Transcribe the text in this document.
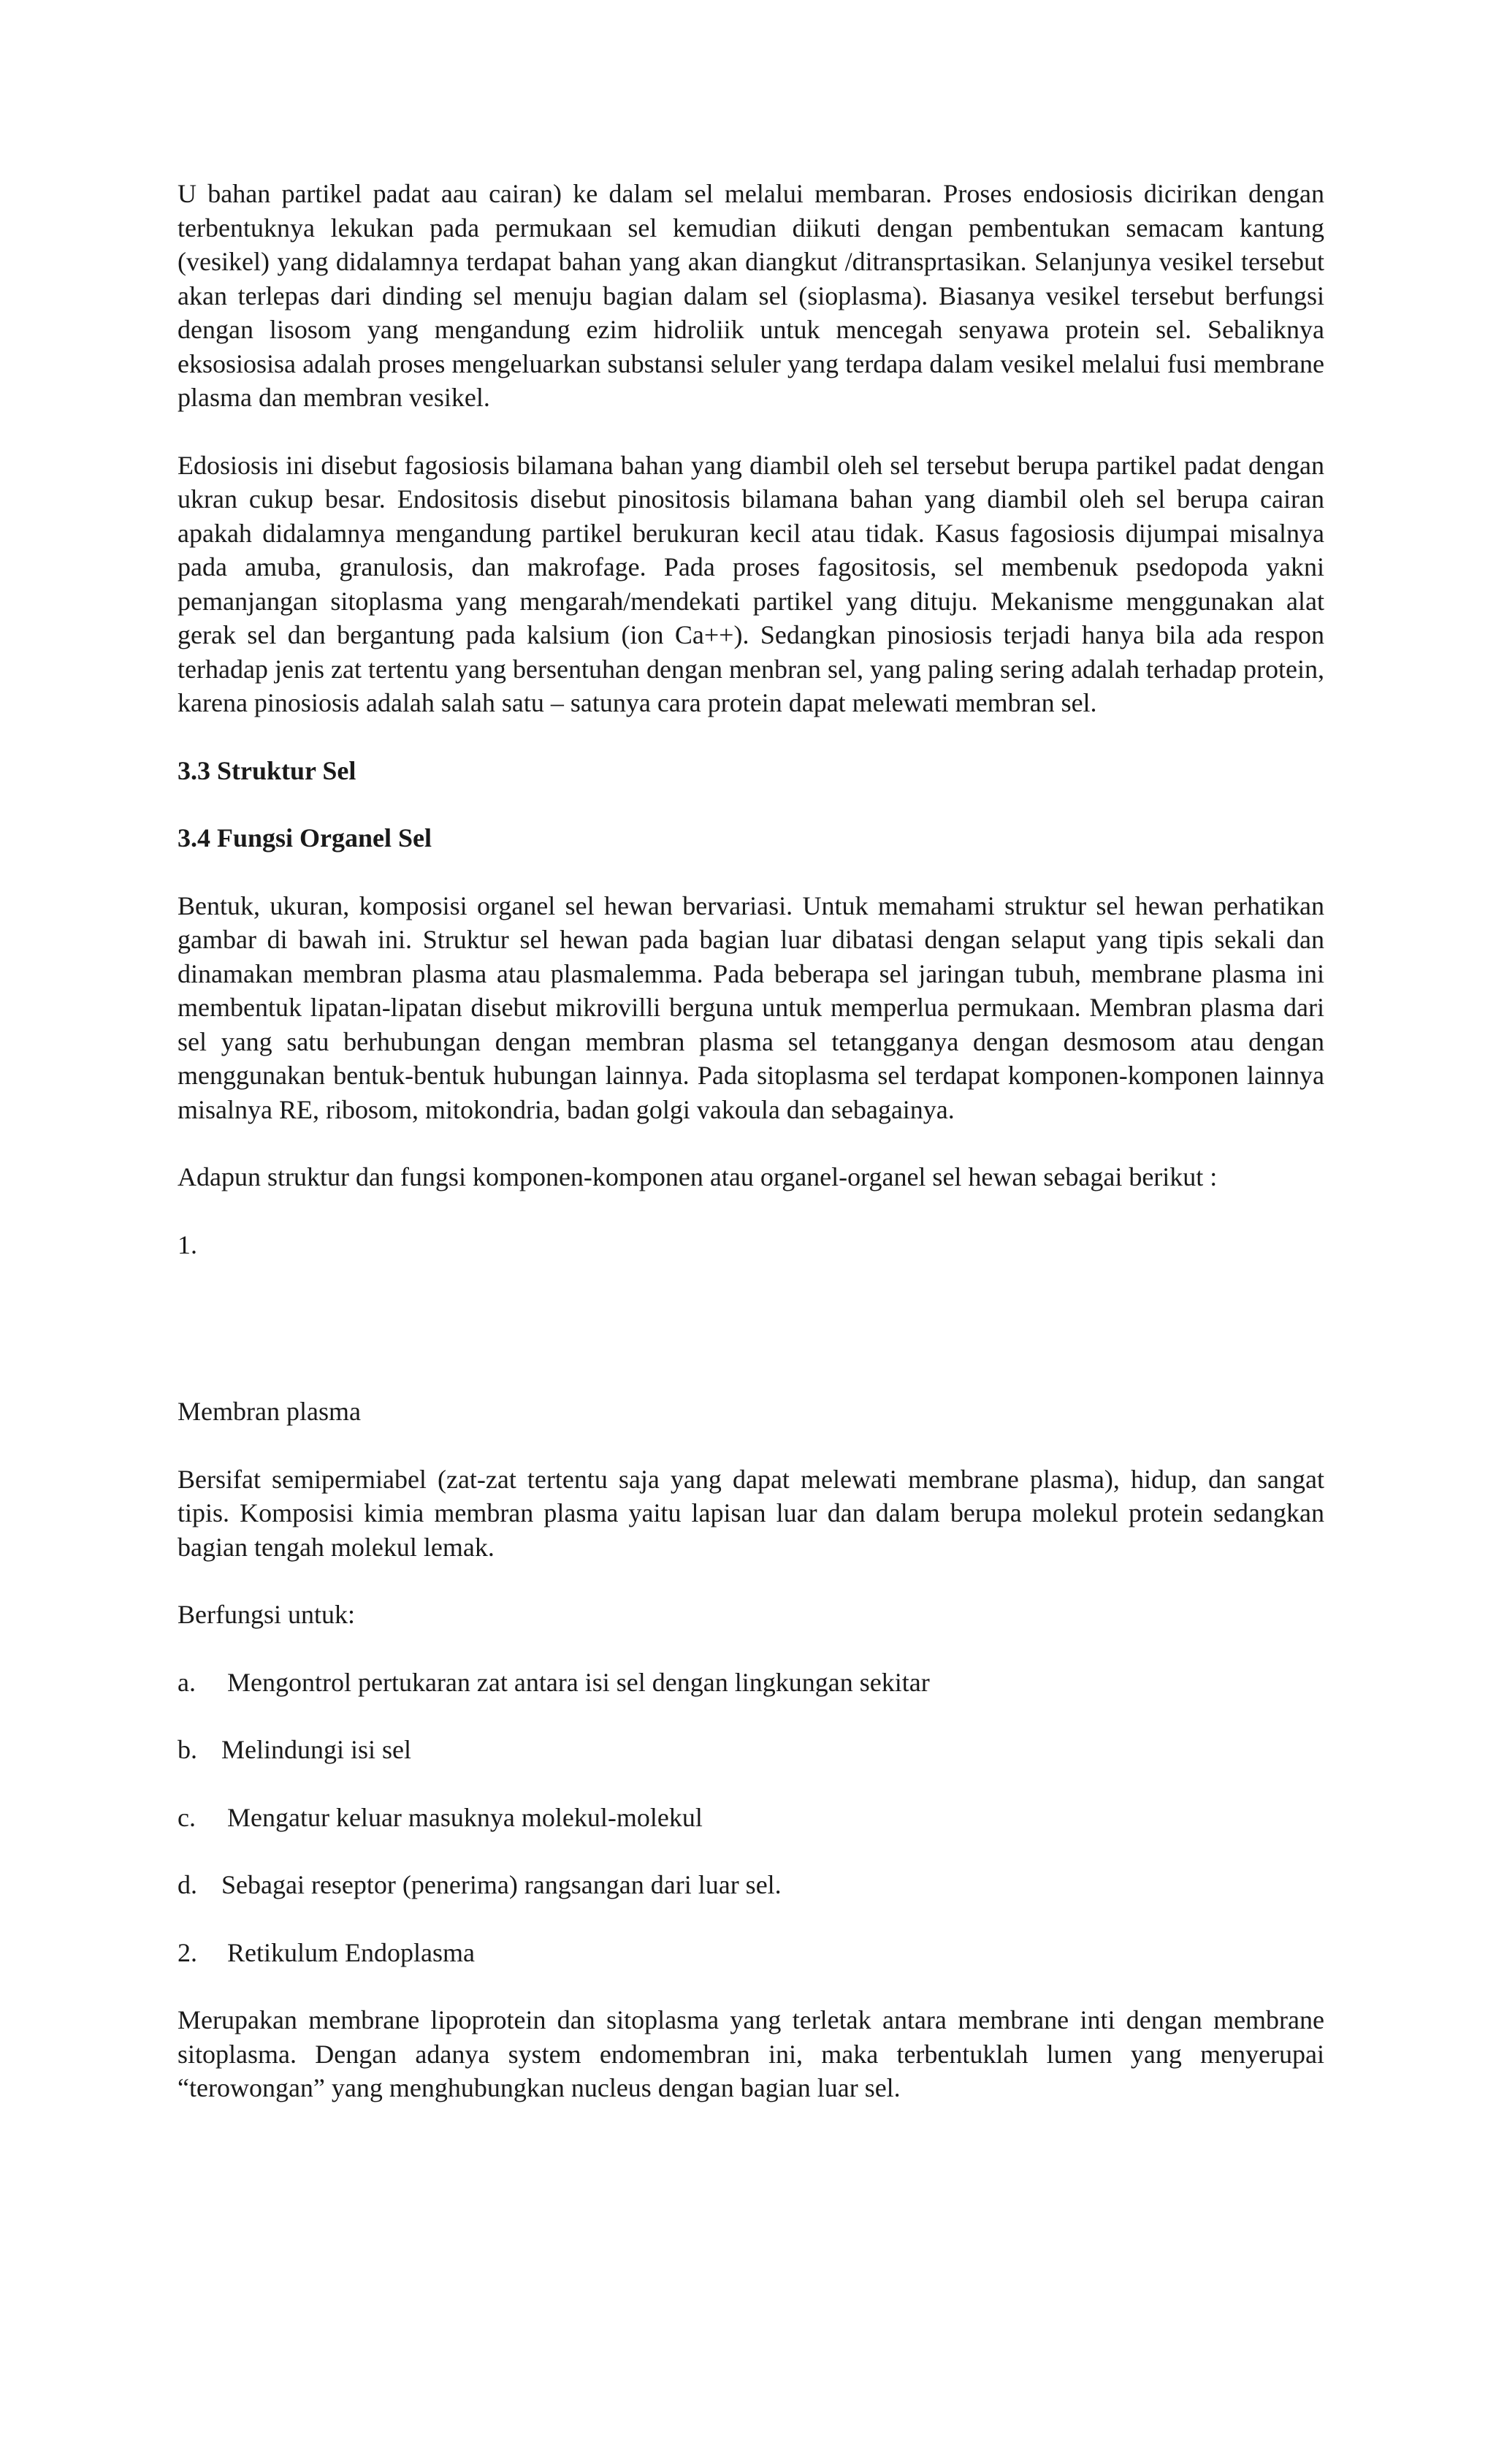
U bahan partikel padat aau cairan) ke dalam sel melalui membaran. Proses endosiosis dicirikan dengan terbentuknya lekukan pada permukaan sel kemudian diikuti dengan pembentukan semacam kantung (vesikel) yang didalamnya terdapat bahan yang akan diangkut /ditransprtasikan. Selanjunya vesikel tersebut akan terlepas dari dinding sel menuju bagian dalam sel (sioplasma). Biasanya vesikel tersebut berfungsi dengan lisosom yang mengandung ezim hidroliik untuk mencegah senyawa protein sel. Sebaliknya eksosiosisa adalah proses mengeluarkan substansi seluler yang terdapa dalam vesikel melalui fusi membrane plasma dan membran vesikel.

Edosiosis ini disebut fagosiosis bilamana bahan yang diambil oleh sel tersebut berupa partikel padat dengan ukran cukup besar. Endositosis disebut pinositosis bilamana bahan yang diambil oleh sel berupa cairan apakah didalamnya mengandung partikel berukuran kecil atau tidak. Kasus fagosiosis dijumpai misalnya pada amuba, granulosis, dan makrofage. Pada proses fagositosis, sel membenuk psedopoda yakni pemanjangan sitoplasma yang mengarah/mendekati partikel yang dituju. Mekanisme menggunakan alat gerak sel dan bergantung pada kalsium (ion Ca++). Sedangkan pinosiosis terjadi hanya bila ada respon terhadap jenis zat tertentu yang bersentuhan dengan menbran sel, yang paling sering adalah terhadap protein, karena pinosiosis adalah salah satu – satunya cara protein dapat melewati membran sel.

3.3 Struktur Sel
3.4 Fungsi Organel Sel

Bentuk, ukuran, komposisi organel sel hewan bervariasi. Untuk memahami struktur sel hewan perhatikan gambar di bawah ini. Struktur sel hewan pada bagian luar dibatasi dengan selaput yang tipis sekali dan dinamakan membran plasma atau plasmalemma. Pada beberapa sel jaringan tubuh, membrane plasma ini membentuk lipatan-lipatan disebut mikrovilli berguna untuk memperlua permukaan. Membran plasma dari sel yang satu berhubungan dengan membran plasma sel tetangganya dengan desmosom atau dengan menggunakan bentuk-bentuk hubungan lainnya. Pada sitoplasma sel terdapat komponen-komponen lainnya misalnya RE, ribosom, mitokondria, badan golgi vakoula dan sebagainya.

Adapun struktur dan fungsi komponen-komponen atau organel-organel sel hewan sebagai berikut :

1.

Membran plasma

Bersifat semipermiabel (zat-zat tertentu saja yang dapat melewati membrane plasma), hidup, dan sangat tipis. Komposisi kimia membran plasma yaitu lapisan luar dan dalam berupa molekul protein sedangkan bagian tengah molekul lemak.

Berfungsi untuk:

a. Mengontrol pertukaran zat antara isi sel dengan lingkungan sekitar

b. Melindungi isi sel

c. Mengatur keluar masuknya molekul-molekul

d. Sebagai reseptor (penerima) rangsangan dari luar sel.

2. Retikulum Endoplasma

Merupakan membrane lipoprotein dan sitoplasma yang terletak antara membrane inti dengan membrane sitoplasma. Dengan adanya system endomembran ini, maka terbentuklah lumen yang menyerupai “terowongan” yang menghubungkan nucleus dengan bagian luar sel.
